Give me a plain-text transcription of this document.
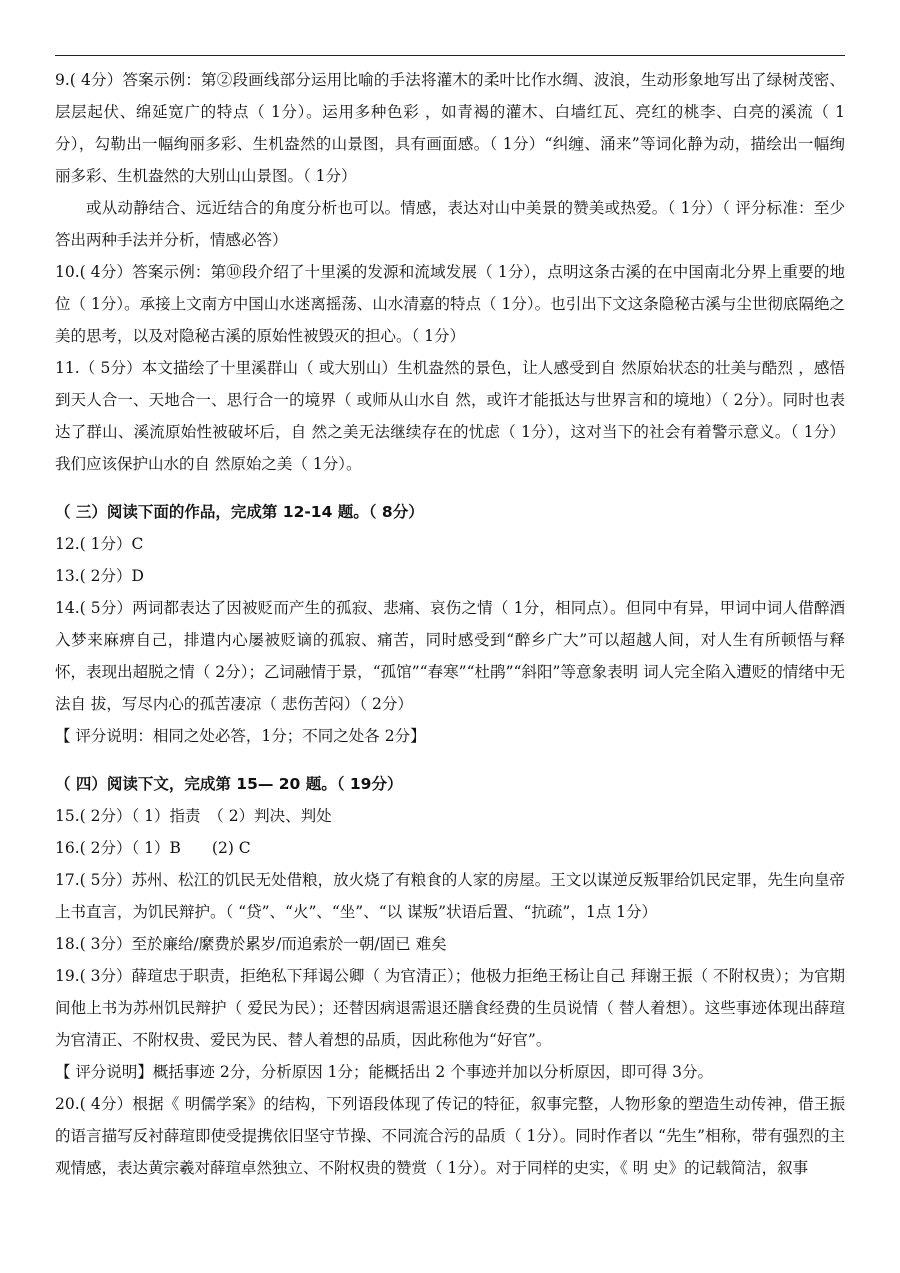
9.( 4分）答案示例：第②段画线部分运用比喻的手法将灌木的柔叶比作水绸、波浪，生动形象地写出了绿树茂密、层层起伏、绵延宽广的特点（ 1分）。运用多种色彩 ，如青褐的灌木、白墙红瓦、亮红的桃李、白亮的溪流（ 1分），勾勒出一幅绚丽多彩、生机盎然的山景图，具有画面感。（ 1分）“纠缠、涌来”等词化静为动，描绘出一幅绚丽多彩、生机盎然的大别山山景图。（ 1分）

或从动静结合、远近结合的角度分析也可以。情感，表达对山中美景的赞美或热爱。（ 1分）（ 评分标准：至少答出两种手法并分析，情感必答）

10.( 4分）答案示例：第⑩段介绍了十里溪的发源和流域发展（ 1分），点明这条古溪的在中国南北分界上重要的地位（ 1分）。承接上文南方中国山水迷离摇荡、山水清嘉的特点（ 1分）。也引出下文这条隐秘古溪与尘世彻底隔绝之美的思考，以及对隐秘古溪的原始性被毁灭的担心。（ 1分）

11.（ 5分）本文描绘了十里溪群山（ 或大别山）生机盎然的景色，让人感受到自 然原始状态的壮美与酷烈 ，感悟到天人合一、天地合一、思行合一的境界（ 或师从山水自 然，或许才能抵达与世界言和的境地）（ 2分）。同时也表达了群山、溪流原始性被破坏后，自 然之美无法继续存在的忧虑（ 1分），这对当下的社会有着警示意义。（ 1分）我们应该保护山水的自 然原始之美（ 1分）。

（ 三）阅读下面的作品，完成第 12-14 题。（ 8分）

12.( 1分）C

13.( 2分）D

14.( 5分）两词都表达了因被贬而产生的孤寂、悲痛、哀伤之情（ 1分，相同点）。但同中有异，甲词中词人借醉酒入梦来麻痹自己，排遣内心屡被贬谪的孤寂、痛苦，同时感受到“醉乡广大”可以超越人间，对人生有所顿悟与释怀，表现出超脱之情（ 2分）；乙词融情于景，“孤馆”“春寒”“杜鹃”“斜阳”等意象表明 词人完全陷入遭贬的情绪中无法自 拔，写尽内心的孤苦凄凉（ 悲伤苦闷）（ 2分）

【 评分说明：相同之处必答，1分；不同之处各 2分】

（ 四）阅读下文，完成第 15— 20 题。（ 19分）

15.( 2分）（ 1）指责　（ 2）判决、判处

16.( 2分）（ 1）B　　(2) C

17.( 5分）苏州、松江的饥民无处借粮，放火烧了有粮食的人家的房屋。王文以谋逆反叛罪给饥民定罪，先生向皇帝上书直言，为饥民辩护。（ “贷”、“火”、“坐”、“以 谋叛”状语后置、“抗疏”，1点 1分）

18.( 3分）至於廉给/縻费於累岁/而追索於一朝/固已 难矣

19.( 3分）薛瑄忠于职责，拒绝私下拜谒公卿（ 为官清正）；他极力拒绝王杨让自己 拜谢王振（ 不附权贵）；为官期间他上书为苏州饥民辩护（ 爱民为民）；还替因病退需退还膳食经费的生员说情（ 替人着想）。这些事迹体现出薛瑄为官清正、不附权贵、爱民为民、替人着想的品质，因此称他为“好官”。

【 评分说明】概括事迹 2分，分析原因 1分；能概括出 2 个事迹并加以分析原因，即可得 3分。

20.( 4分）根据《 明儒学案》的结构，下列语段体现了传记的特征，叙事完整，人物形象的塑造生动传神，借王振的语言描写反衬薛瑄即使受提携依旧坚守节操、不同流合污的品质（ 1分）。同时作者以 “先生”相称，带有强烈的主观情感，表达黄宗羲对薛瑄卓然独立、不附权贵的赞赏（ 1分）。对于同样的史实，《 明 史》的记载简洁，叙事
